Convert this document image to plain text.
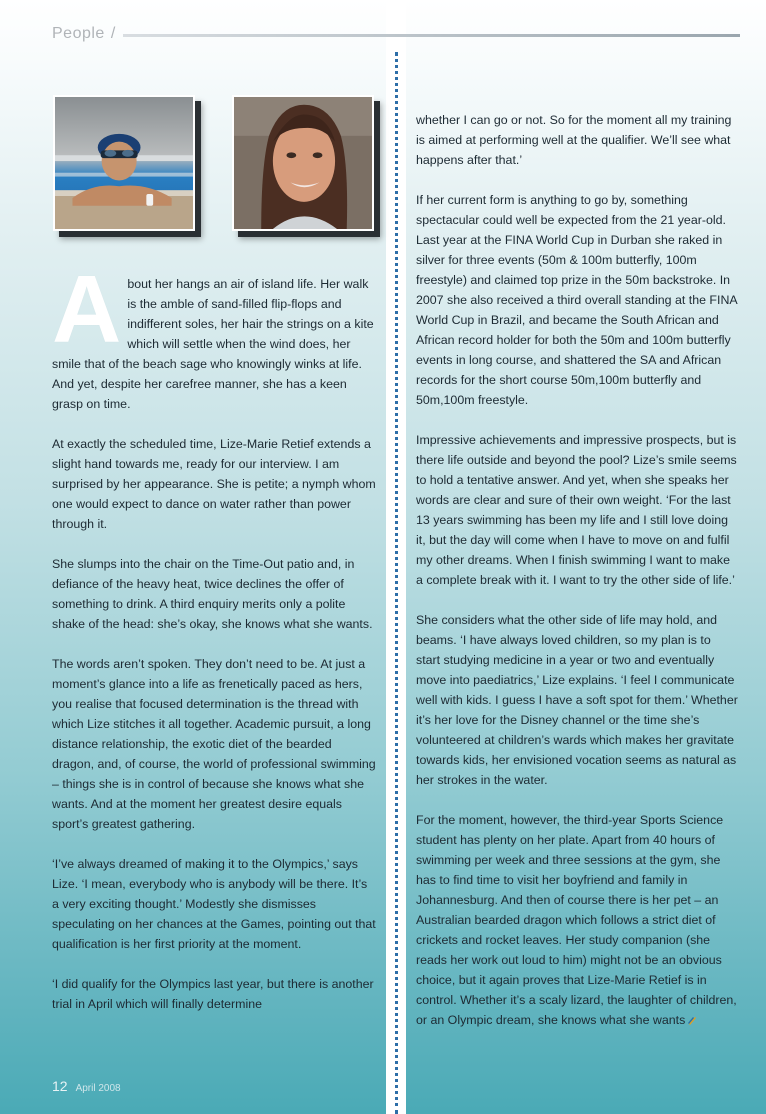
People /

About her hangs an air of island life. Her walk is the amble of sand-filled flip-flops and indifferent soles, her hair the strings on a kite which will settle when the wind does, her smile that of the beach sage who knowingly winks at life. And yet, despite her carefree manner, she has a keen grasp on time.

At exactly the scheduled time, Lize-Marie Retief extends a slight hand towards me, ready for our interview. I am surprised by her appearance. She is petite; a nymph whom one would expect to dance on water rather than power through it.

She slumps into the chair on the Time-Out patio and, in defiance of the heavy heat, twice declines the offer of something to drink. A third enquiry merits only a polite shake of the head: she’s okay, she knows what she wants.

The words aren’t spoken. They don’t need to be. At just a moment’s glance into a life as frenetically paced as hers, you realise that focused determination is the thread with which Lize stitches it all together. Academic pursuit, a long distance relationship, the exotic diet of the bearded dragon, and, of course, the world of professional swimming – things she is in control of because she knows what she wants. And at the moment her greatest desire equals sport’s greatest gathering.

‘I’ve always dreamed of making it to the Olympics,’ says Lize. ‘I mean, everybody who is anybody will be there. It’s a very exciting thought.’ Modestly she dismisses speculating on her chances at the Games, pointing out that qualification is her first priority at the moment.

‘I did qualify for the Olympics last year, but there is another trial in April which will finally determine

whether I can go or not. So for the moment all my training is aimed at performing well at the qualifier. We’ll see what happens after that.’

If her current form is anything to go by, something spectacular could well be expected from the 21 year-old. Last year at the FINA World Cup in Durban she raked in silver for three events (50m & 100m butterfly, 100m freestyle) and claimed top prize in the 50m backstroke. In 2007 she also received a third overall standing at the FINA World Cup in Brazil, and became the South African and African record holder for both the 50m and 100m butterfly events in long course, and shattered the SA and African records for the short course 50m,100m butterfly and 50m,100m freestyle.

Impressive achievements and impressive prospects, but is there life outside and beyond the pool? Lize’s smile seems to hold a tentative answer. And yet, when she speaks her words are clear and sure of their own weight. ‘For the last 13 years swimming has been my life and I still love doing it, but the day will come when I have to move on and fulfil my other dreams. When I finish swimming I want to make a complete break with it. I want to try the other side of life.’

She considers what the other side of life may hold, and beams. ‘I have always loved children, so my plan is to start studying medicine in a year or two and eventually move into paediatrics,’ Lize explains. ‘I feel I communicate well with kids. I guess I have a soft spot for them.’ Whether it’s her love for the Disney channel or the time she’s volunteered at children’s wards which makes her gravitate towards kids, her envisioned vocation seems as natural as her strokes in the water.

For the moment, however, the third-year Sports Science student has plenty on her plate. Apart from 40 hours of swimming per week and three sessions at the gym, she has to find time to visit her boyfriend and family in Johannesburg. And then of course there is her pet – an Australian bearded dragon which follows a strict diet of crickets and rocket leaves. Her study companion (she reads her work out loud to him) might not be an obvious choice, but it again proves that Lize-Marie Retief is in control. Whether it’s a scaly lizard, the laughter of children, or an Olympic dream, she knows what she wants

12 April 2008
